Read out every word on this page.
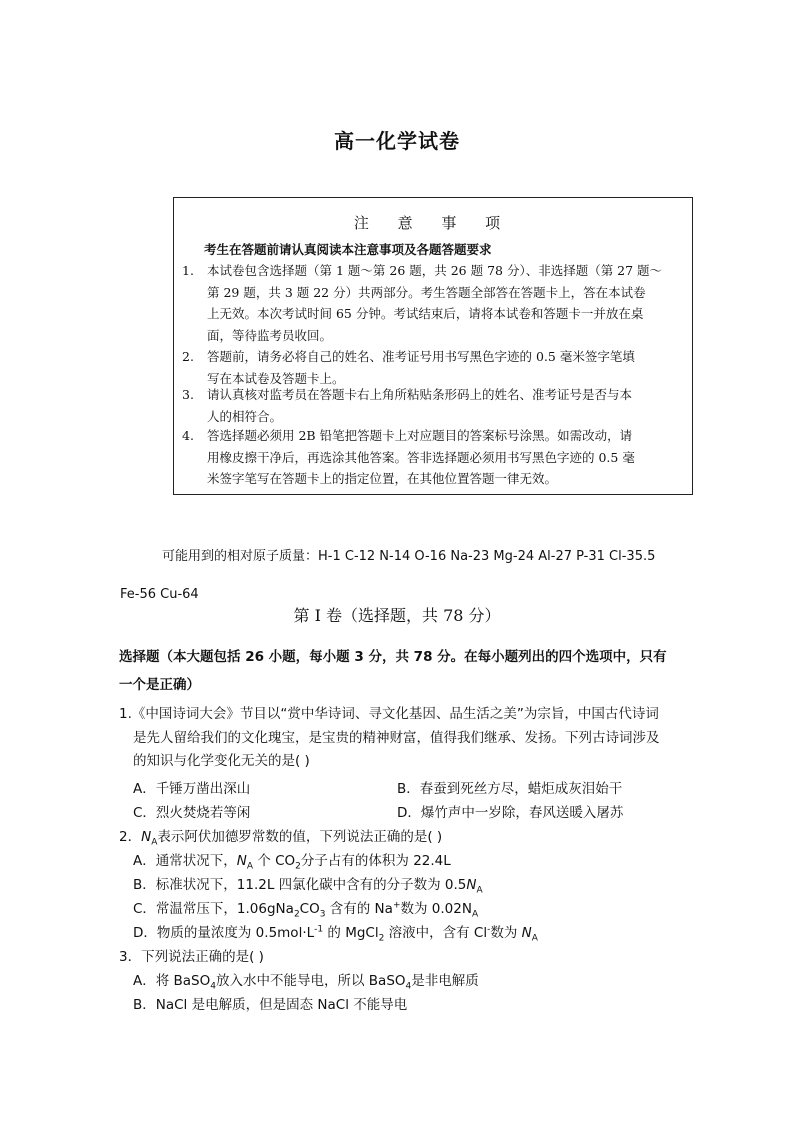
高一化学试卷
注 意 事 项
考生在答题前请认真阅读本注意事项及各题答题要求
1.	本试卷包含选择题（第 1 题～第 26 题，共 26 题 78 分）、非选择题（第 27 题～
第 29 题，共 3 题 22 分）共两部分。考生答题全部答在答题卡上，答在本试卷
上无效。本次考试时间 65 分钟。考试结束后，请将本试卷和答题卡一并放在桌
面，等待监考员收回。
2.	答题前，请务必将自己的姓名、准考证号用书写黑色字迹的 0.5 毫米签字笔填
写在本试卷及答题卡上。
3.	请认真核对监考员在答题卡右上角所粘贴条形码上的姓名、准考证号是否与本
人的相符合。
4.	答选择题必须用 2B 铅笔把答题卡上对应题目的答案标号涂黑。如需改动，请
用橡皮擦干净后，再选涂其他答案。答非选择题必须用书写黑色字迹的 0.5 毫
米签字笔写在答题卡上的指定位置，在其他位置答题一律无效。
可能用到的相对原子质量：H-1 C-12 N-14 O-16 Na-23 Mg-24 Al-27 P-31 Cl-35.5
Fe-56 Cu-64
第 I 卷（选择题，共 78 分）
选择题（本大题包括 26 小题，每小题 3 分，共 78 分。在每小题列出的四个选项中，只有
一个是正确）
1.《中国诗词大会》节目以“赏中华诗词、寻文化基因、品生活之美”为宗旨，中国古代诗词
是先人留给我们的文化瑰宝，是宝贵的精神财富，值得我们继承、发扬。下列古诗词涉及
的知识与化学变化无关的是( )
A．千锤万凿出深山	B．春蚕到死丝方尽，蜡炬成灰泪始干
C．烈火焚烧若等闲	D．爆竹声中一岁除，春风送暖入屠苏
2．$N_A$表示阿伏加德罗常数的值，下列说法正确的是( )
A．通常状况下，$N_A$ 个 $CO_2$分子占有的体积为 22.4L
B．标准状况下，11.2L 四氯化碳中含有的分子数为 $0.5N_A$
C．常温常压下，$1.06gNa_2CO_3$ 含有的 Na+数为 $0.02N_A$
D．物质的量浓度为 $0.5mol\cdot L^{-1}$ 的 MgCl$_2$ 溶液中，含有 Cl-数为 $N_A$
3．下列说法正确的是( )
A．将 BaSO$_4$放入水中不能导电，所以 BaSO$_4$是非电解质
B．NaCl 是电解质，但是固态 NaCl 不能导电
